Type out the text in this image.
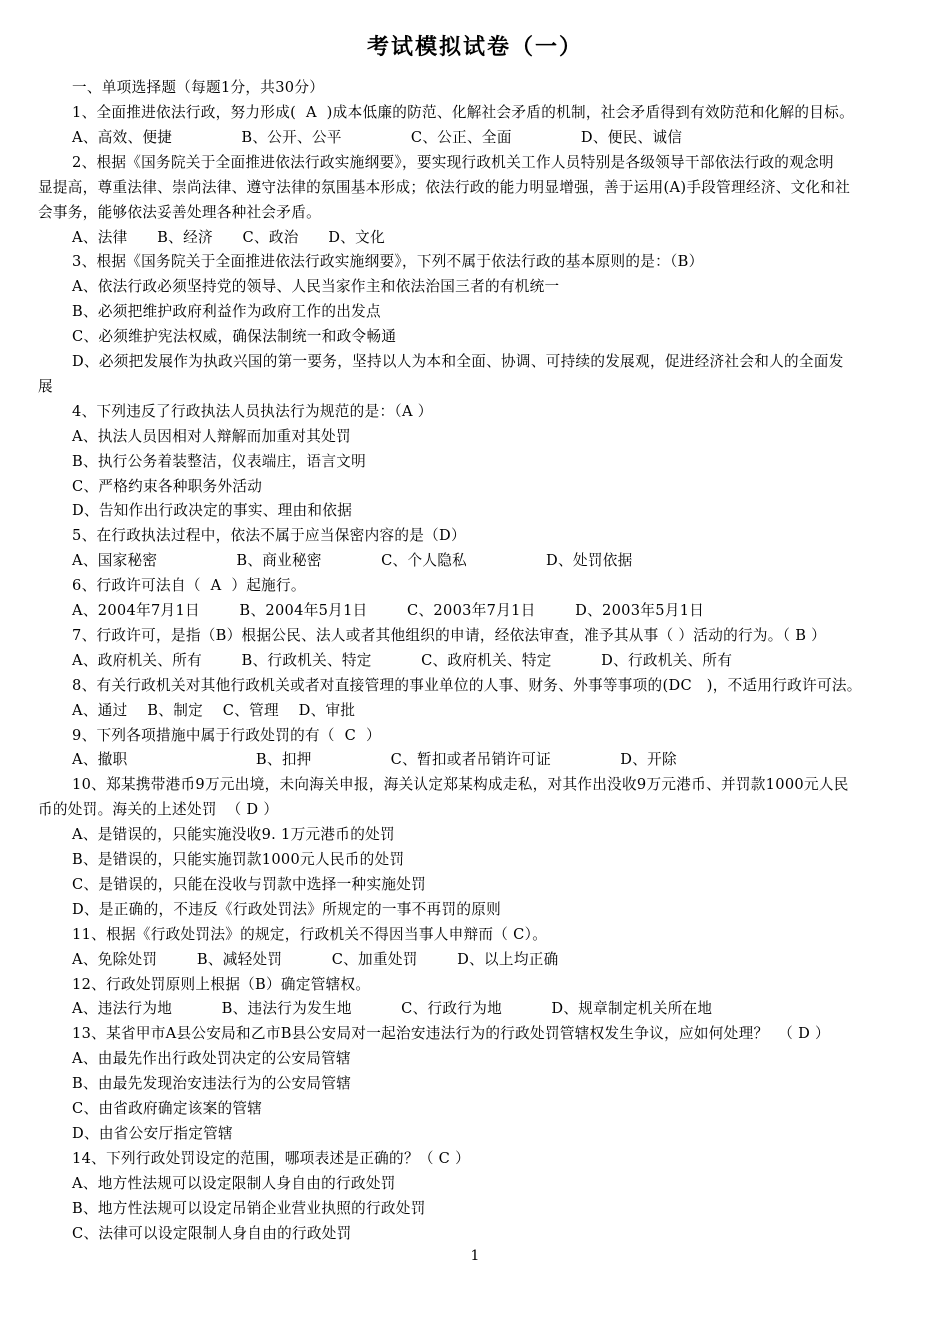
考试模拟试卷（一）
一、单项选择题（每题1分，共30分）
1、全面推进依法行政，努力形成(  A  )成本低廉的防范、化解社会矛盾的机制，社会矛盾得到有效防范和化解的目标。
A、高效、便捷              B、公开、公平              C、公正、全面              D、便民、诚信
2、根据《国务院关于全面推进依法行政实施纲要》，要实现行政机关工作人员特别是各级领导干部依法行政的观念明
显提高，尊重法律、崇尚法律、遵守法律的氛围基本形成；依法行政的能力明显增强，善于运用(A)手段管理经济、文化和社
会事务，能够依法妥善处理各种社会矛盾。
A、法律      B、经济      C、政治      D、文化
3、根据《国务院关于全面推进依法行政实施纲要》，下列不属于依法行政的基本原则的是：（B）
A、依法行政必须坚持党的领导、人民当家作主和依法治国三者的有机统一
B、必须把维护政府利益作为政府工作的出发点
C、必须维护宪法权威，确保法制统一和政令畅通
D、必须把发展作为执政兴国的第一要务，坚持以人为本和全面、协调、可持续的发展观，促进经济社会和人的全面发
展
4、下列违反了行政执法人员执法行为规范的是：（A ）
A、执法人员因相对人辩解而加重对其处罚
B、执行公务着装整洁，仪表端庄，语言文明
C、严格约束各种职务外活动
D、告知作出行政决定的事实、理由和依据
5、在行政执法过程中，依法不属于应当保密内容的是（D）
A、国家秘密                B、商业秘密            C、个人隐私                D、处罚依据
6、行政许可法自（  A  ）起施行。
A、2004年7月1日        B、2004年5月1日        C、2003年7月1日        D、2003年5月1日
7、行政许可，是指（B）根据公民、法人或者其他组织的申请，经依法审查，准予其从事（ ）活动的行为。（ B ）
A、政府机关、所有        B、行政机关、特定          C、政府机关、特定          D、行政机关、所有
8、有关行政机关对其他行政机关或者对直接管理的事业单位的人事、财务、外事等事项的(DC   )，不适用行政许可法。
A、通过    B、制定    C、管理    D、审批
9、下列各项措施中属于行政处罚的有（  C  ）
A、撤职                          B、扣押                C、暂扣或者吊销许可证              D、开除
10、郑某携带港币9万元出境，未向海关申报，海关认定郑某构成走私，对其作出没收9万元港币、并罚款1000元人民
币的处罚。海关的上述处罚  （ D ）
A、是错误的，只能实施没收9. 1万元港币的处罚
B、是错误的，只能实施罚款1000元人民币的处罚
C、是错误的，只能在没收与罚款中选择一种实施处罚
D、是正确的，不违反《行政处罚法》所规定的一事不再罚的原则
11、根据《行政处罚法》的规定，行政机关不得因当事人申辩而（ C）。
A、免除处罚        B、减轻处罚          C、加重处罚        D、以上均正确
12、行政处罚原则上根据（B）确定管辖权。
A、违法行为地          B、违法行为发生地          C、行政行为地          D、规章制定机关所在地
13、某省甲市A县公安局和乙市B县公安局对一起治安违法行为的行政处罚管辖权发生争议，应如何处理？  （ D ）
A、由最先作出行政处罚决定的公安局管辖
B、由最先发现治安违法行为的公安局管辖
C、由省政府确定该案的管辖
D、由省公安厅指定管辖
14、下列行政处罚设定的范围，哪项表述是正确的？（ C ）
A、地方性法规可以设定限制人身自由的行政处罚
B、地方性法规可以设定吊销企业营业执照的行政处罚
C、法律可以设定限制人身自由的行政处罚
1
